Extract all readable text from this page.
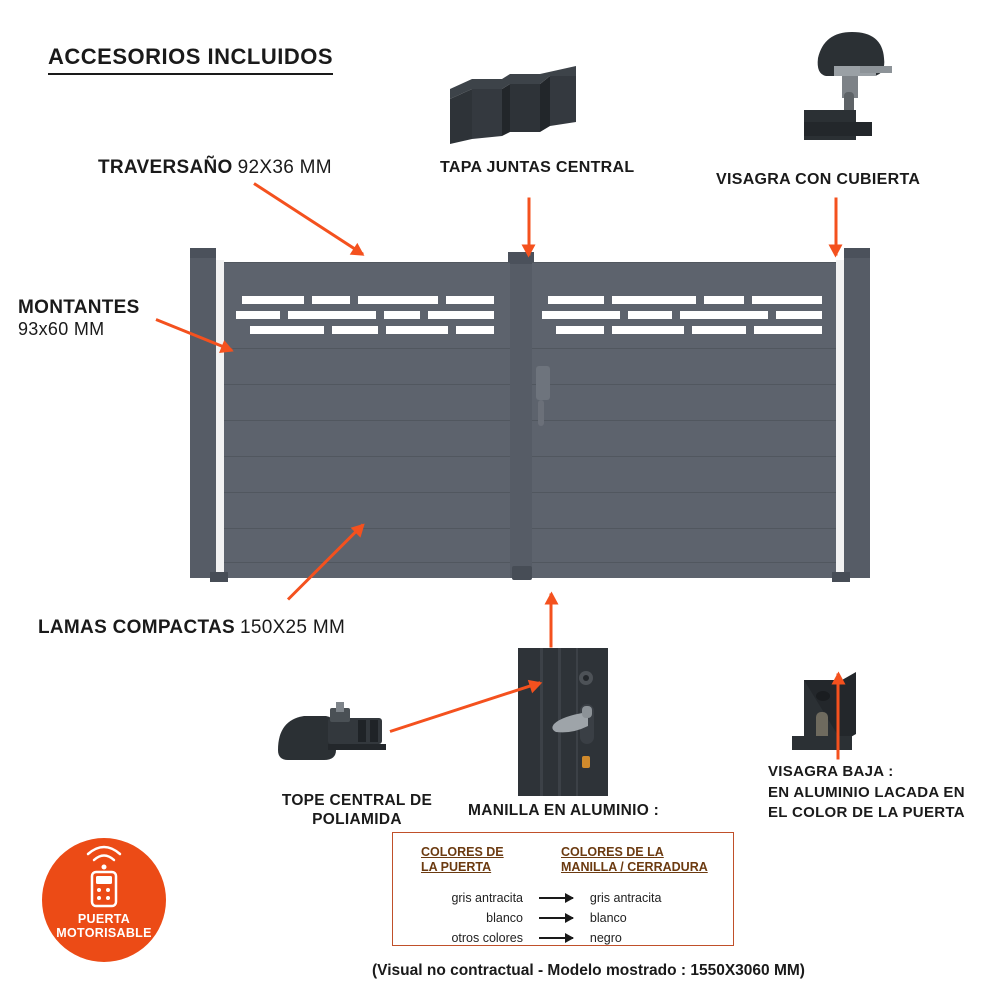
ACCESORIOS INCLUIDOS
TRAVERSAÑO 92X36 MM	TAPA JUNTAS CENTRAL
VISAGRA CON CUBIERTA
MONTANTES
93x60 MM
LAMAS COMPACTAS 150X25 MM
TOPE CENTRAL DE
POLIAMIDA
MANILLA EN ALUMINIO :
VISAGRA BAJA :
EN ALUMINIO LACADA EN
EL COLOR DE LA PUERTA
PUERTA
MOTORISABLE
COLORES DE
LA PUERTA
COLORES DE LA
MANILLA / CERRADURA
gris antracita	gris antracita
blanco	blanco
otros colores	negro
(Visual no contractual - Modelo mostrado : 1550X3060 MM)
